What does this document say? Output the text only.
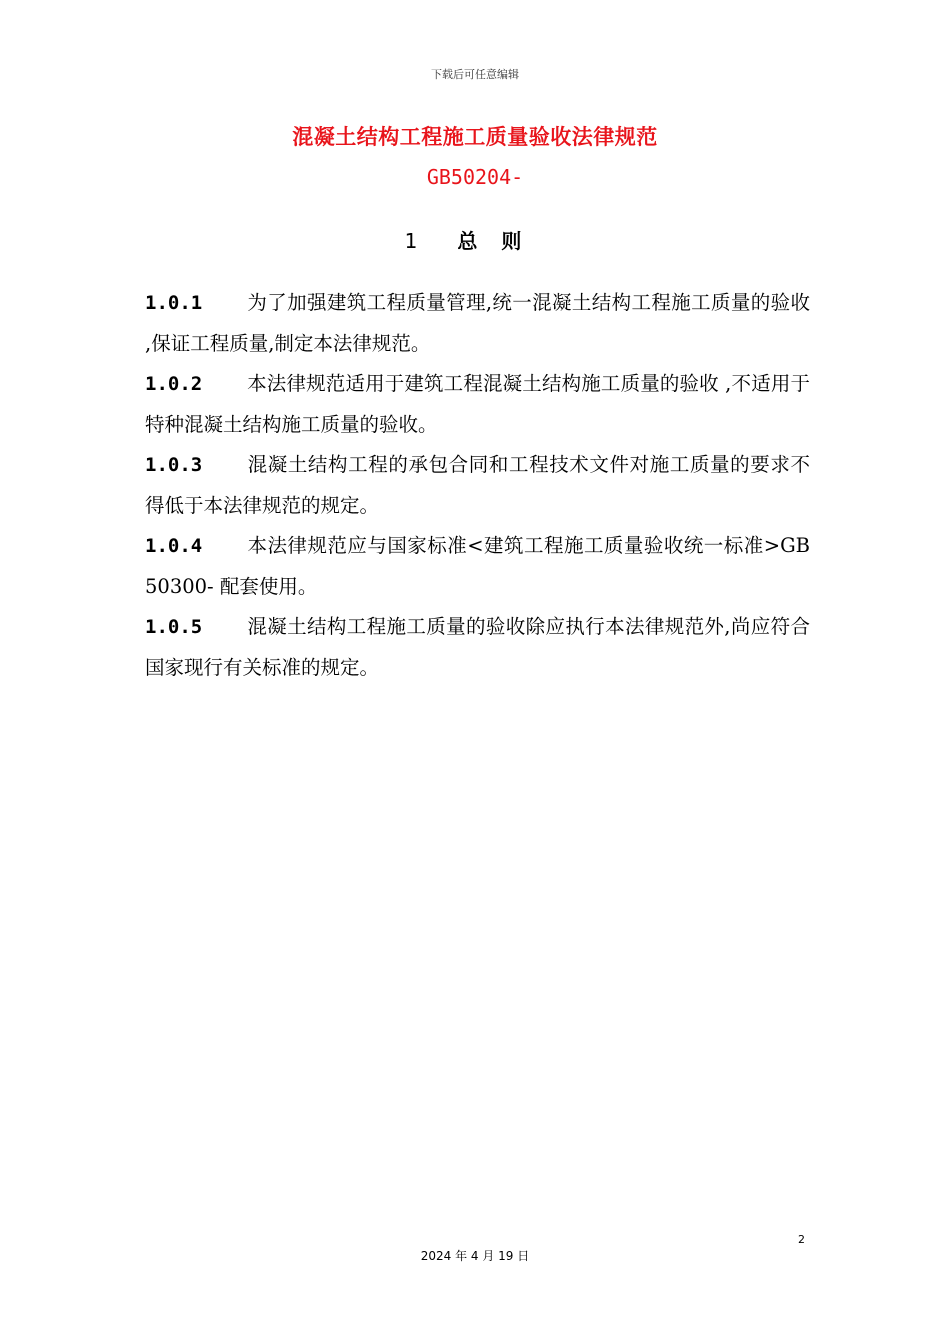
下载后可任意编辑
混凝土结构工程施工质量验收法律规范
GB50204-
1 总则
1.0.1 为了加强建筑工程质量管理,统一混凝土结构工程施工质量的验收 ,保证工程质量,制定本法律规范。
1.0.2 本法律规范适用于建筑工程混凝土结构施工质量的验收 ,不适用于特种混凝土结构施工质量的验收。
1.0.3 混凝土结构工程的承包合同和工程技术文件对施工质量的要求不得低于本法律规范的规定。
1.0.4 本法律规范应与国家标准<建筑工程施工质量验收统一标准>GB 50300- 配套使用。
1.0.5 混凝土结构工程施工质量的验收除应执行本法律规范外,尚应符合国家现行有关标准的规定。
2
2024 年 4 月 19 日
